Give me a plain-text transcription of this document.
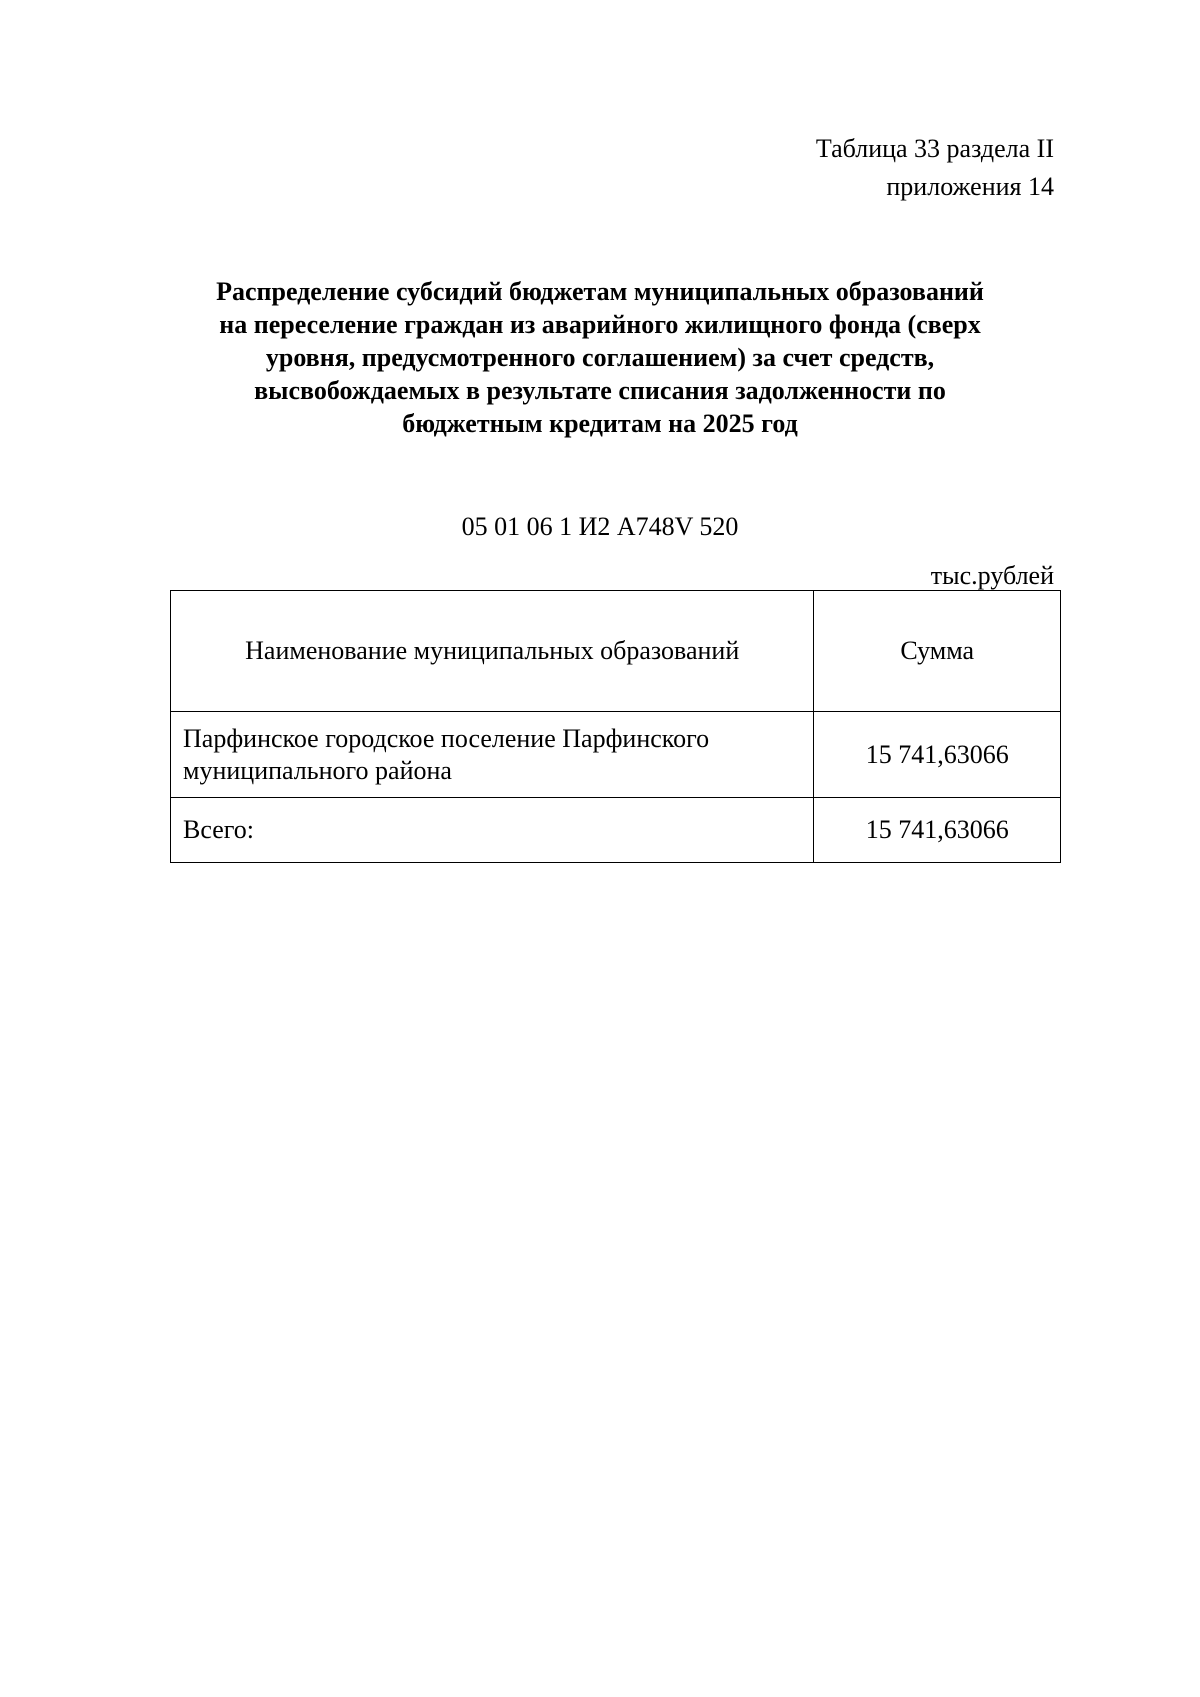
Таблица 33 раздела II
приложения 14
Распределение субсидий бюджетам муниципальных образований
на переселение граждан из аварийного жилищного фонда (сверх
уровня, предусмотренного соглашением) за счет средств,
высвобождаемых в результате списания задолженности по
бюджетным кредитам на 2025 год
05 01 06 1 И2 А748V 520
тыс.рублей
Наименование муниципальных образований	Сумма
Парфинское городское поселение Парфинского муниципального района	15 741,63066
Всего:	15 741,63066
